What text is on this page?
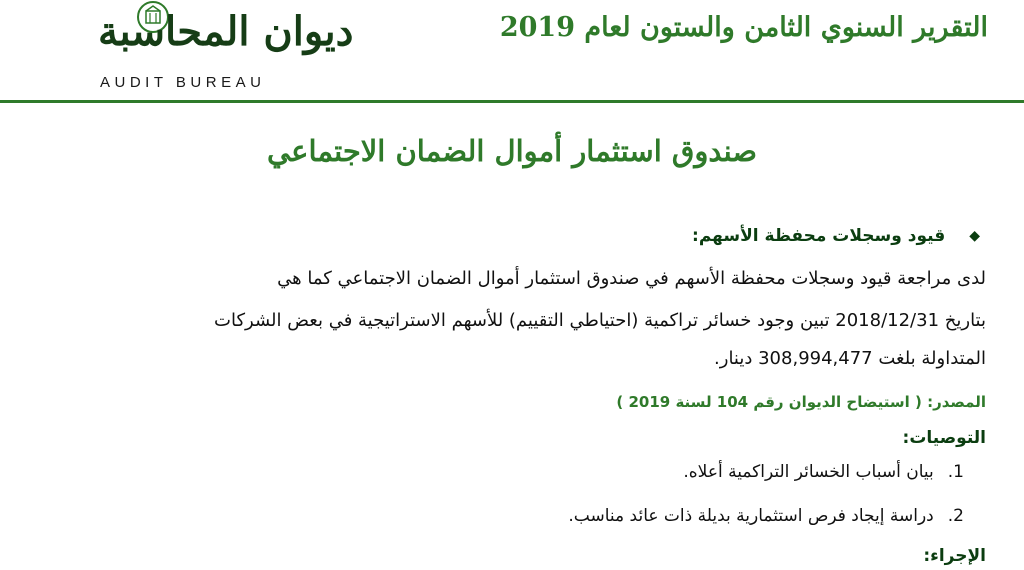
التقرير السنوي الثامن والستون لعام 2019
ديوان المحاسبة
AUDIT BUREAU
صندوق استثمار أموال الضمان الاجتماعي
◆
قيود وسجلات محفظة الأسهم:
لدى مراجعة قيود وسجلات محفظة الأسهم في صندوق استثمار أموال الضمان الاجتماعي كما هي
بتاريخ 2018/12/31 تبين وجود خسائر تراكمية (احتياطي التقييم) للأسهم الاستراتيجية في بعض الشركات
المتداولة بلغت 308,994,477 دينار.
المصدر: ( استيضاح الديوان رقم 104 لسنة 2019 )
التوصيات:
1.
بيان أسباب الخسائر التراكمية أعلاه.
2.
دراسة إيجاد فرص استثمارية بديلة ذات عائد مناسب.
الإجراء:
